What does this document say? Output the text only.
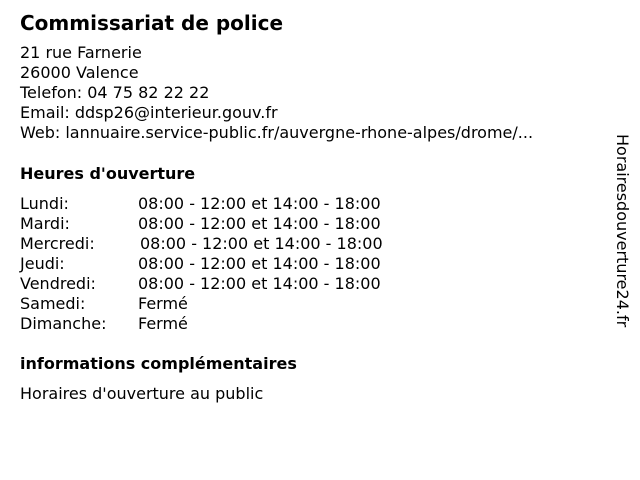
Commissariat de police
21 rue Farnerie
26000 Valence
Telefon: 04 75 82 22 22
Email: ddsp26@interieur.gouv.fr
Web: lannuaire.service-public.fr/auvergne-rhone-alpes/drome/...
Heures d'ouverture
Lundi:	08:00 - 12:00 et 14:00 - 18:00
Mardi:	08:00 - 12:00 et 14:00 - 18:00
Mercredi:	08:00 - 12:00 et 14:00 - 18:00
Jeudi:	08:00 - 12:00 et 14:00 - 18:00
Vendredi:	08:00 - 12:00 et 14:00 - 18:00
Samedi:	Fermé
Dimanche:	Fermé
informations complémentaires
Horaires d'ouverture au public
Horairesdouverture24.fr
